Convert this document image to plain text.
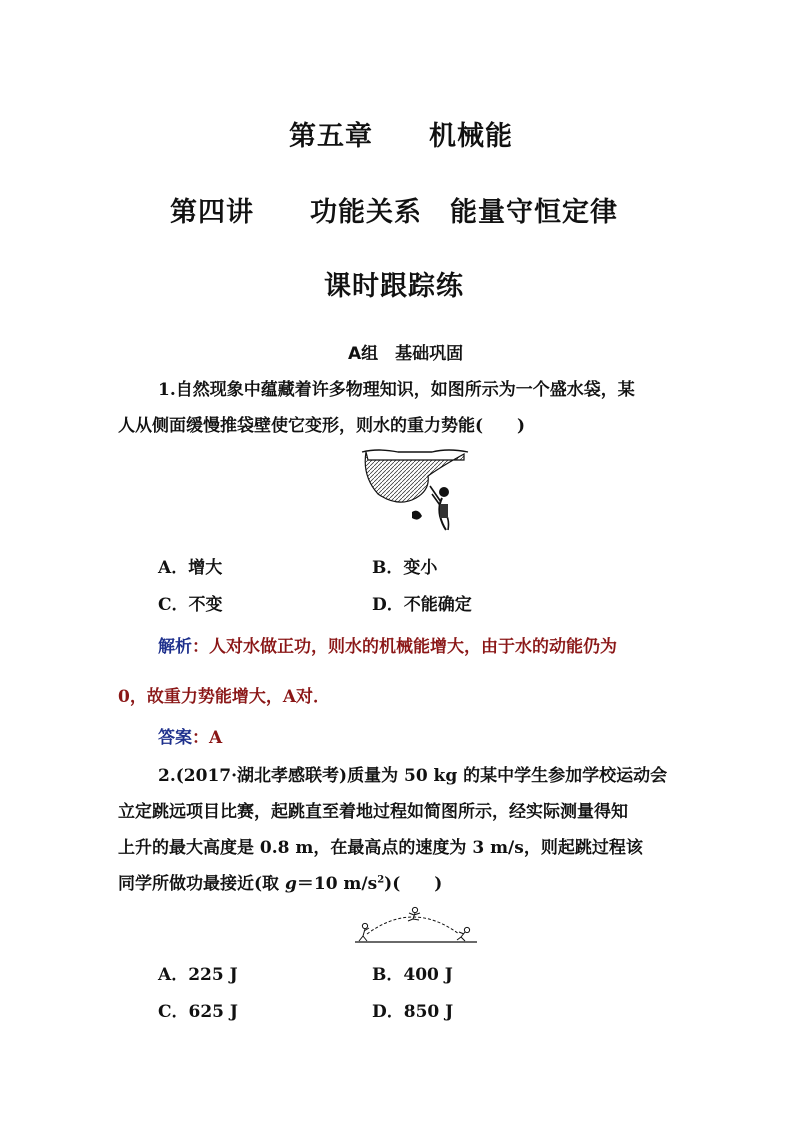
第五章　　机械能
第四讲　　功能关系　能量守恒定律
课时跟踪练
A组　基础巩固
1.自然现象中蕴藏着许多物理知识，如图所示为一个盛水袋，某
人从侧面缓慢推袋壁使它变形，则水的重力势能(　　)
A．增大	B．变小
C．不变	D．不能确定
解析：人对水做正功，则水的机械能增大，由于水的动能仍为
0，故重力势能增大，A对．
答案：A
2.(2017·湖北孝感联考)质量为 50 kg 的某中学生参加学校运动会
立定跳远项目比赛，起跳直至着地过程如简图所示，经实际测量得知
上升的最大高度是 0.8 m，在最高点的速度为 3 m/s，则起跳过程该
同学所做功最接近(取 g＝10 $m/s^2$)(　　)
A．225 J	B．400 J
C．625 J	D．850 J
